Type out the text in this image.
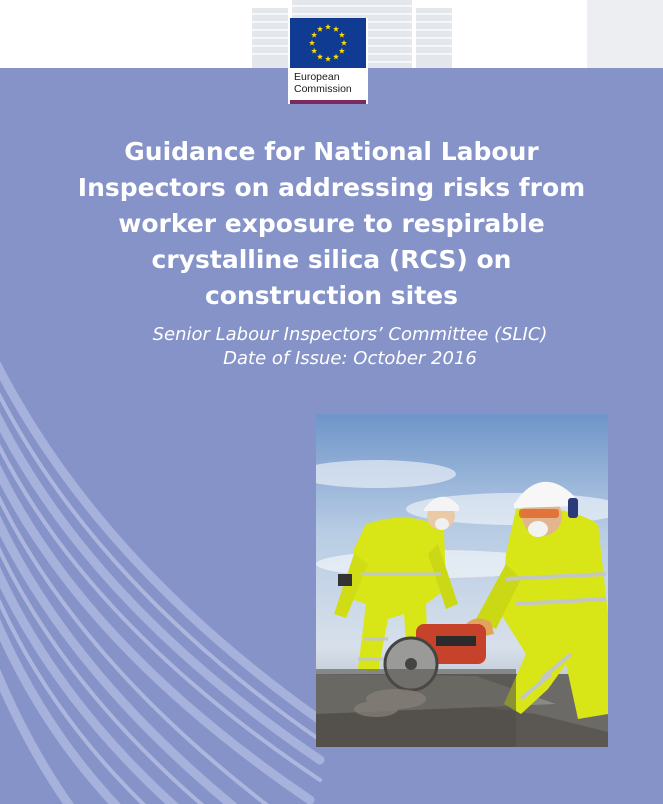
European
Commission
Guidance for National Labour
Inspectors on addressing risks from
worker exposure to respirable
crystalline silica (RCS) on
construction sites

Senior Labour Inspectors’ Committee (SLIC)
Date of Issue: October 2016
